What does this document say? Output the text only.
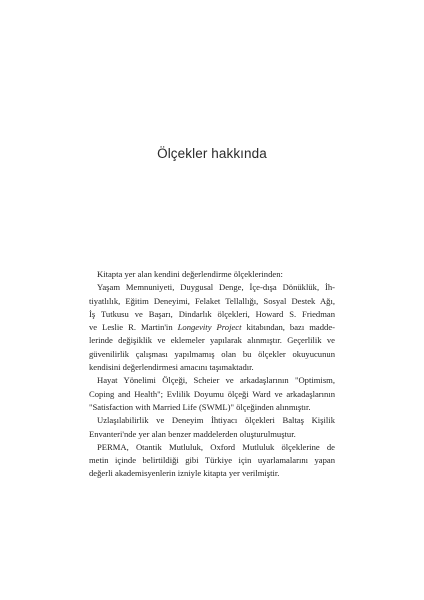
Ölçekler hakkında

Kitapta yer alan kendini değerlendirme ölçeklerinden:

Yaşam Memnuniyeti, Duygusal Denge, İçe-dışa Dönüklük, İh-
tiyatlılık, Eğitim Deneyimi, Felaket Tellallığı, Sosyal Destek Ağı,
İş Tutkusu ve Başarı, Dindarlık ölçekleri, Howard S. Friedman
ve Leslie R. Martin'in Longevity Project kitabından, bazı madde-
lerinde değişiklik ve eklemeler yapılarak alınmıştır. Geçerlilik ve
güvenilirlik çalışması yapılmamış olan bu ölçekler okuyucunun
kendisini değerlendirmesi amacını taşımaktadır.

Hayat Yönelimi Ölçeği, Scheier ve arkadaşlarının "Optimism,
Coping and Health"; Evlilik Doyumu ölçeği Ward ve arkadaşlarının
"Satisfaction with Married Life (SWML)" ölçeğinden alınmıştır.

Uzlaşılabilirlik ve Deneyim İhtiyacı ölçekleri Baltaş Kişilik
Envanteri'nde yer alan benzer maddelerden oluşturulmuştur.

PERMA, Otantik Mutluluk, Oxford Mutluluk ölçeklerine de
metin içinde belirtildiği gibi Türkiye için uyarlamalarını yapan
değerli akademisyenlerin izniyle kitapta yer verilmiştir.
